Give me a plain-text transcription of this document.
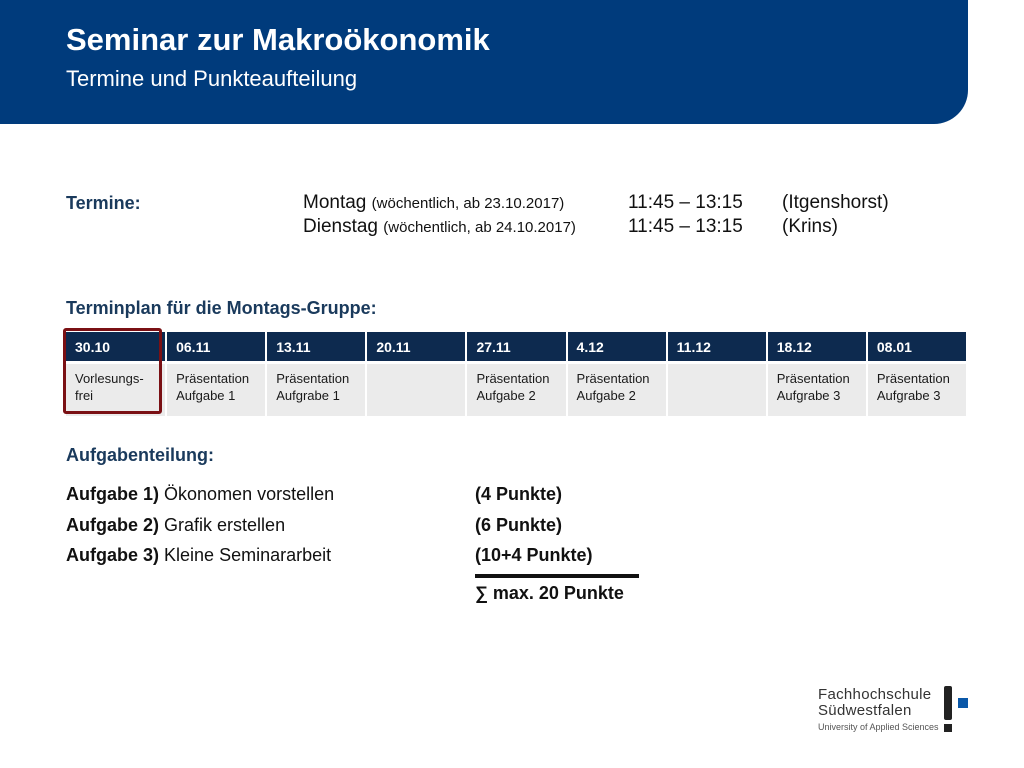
Seminar zur Makroökonomik
Termine und Punkteaufteilung
Termine:	Montag (wöchentlich, ab 23.10.2017)	11:45 – 13:15 (Itgenshorst)
Dienstag (wöchentlich, ab 24.10.2017)	11:45 – 13:15 (Krins)
Terminplan für die Montags-Gruppe:
30.10	06.11	13.11	20.11	27.11	4.12	11.12	18.12	08.01
Vorlesungs-
frei	Präsentation
Aufgabe 1	Präsentation
Aufgrabe 1		Präsentation
Aufgabe 2	Präsentation
Aufgabe 2		Präsentation
Aufgrabe 3	Präsentation
Aufgrabe 3
Aufgabenteilung:
Aufgabe 1) Ökonomen vorstellen	(4 Punkte)
Aufgabe 2) Grafik erstellen	(6 Punkte)
Aufgabe 3) Kleine Seminararbeit	(10+4 Punkte)
∑ max. 20 Punkte
Fachhochschule
Südwestfalen
University of Applied Sciences
